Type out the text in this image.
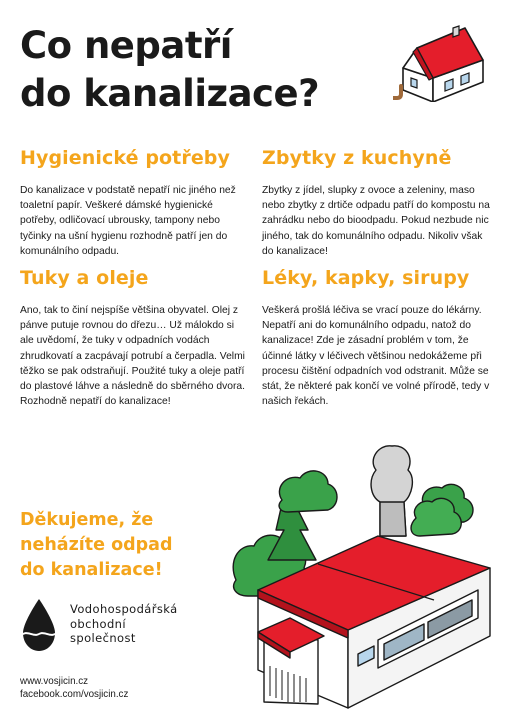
Co nepatří
do kanalizace?
Hygienické potřeby

Do kanalizace v podstatě nepatří nic jiného než toaletní papír. Veškeré dámské hygienické potřeby, odličovací ubrousky, tampony nebo tyčinky na ušní hygienu rozhodně patří jen do komunálního odpadu.

Zbytky z kuchyně

Zbytky z jídel, slupky z ovoce a zeleniny, maso nebo zbytky z drtiče odpadu patří do kompostu na zahrádku nebo do bioodpadu. Pokud nezbude nic jiného, tak do komunálního odpadu. Nikoliv však do kanalizace!

Tuky a oleje

Ano, tak to činí nejspíše většina obyvatel. Olej z pánve putuje rovnou do dřezu… Už málokdo si ale uvědomí, že tuky v odpadních vodách zhrudkovatí a zacpávají potrubí a čerpadla. Velmi těžko se pak odstraňují. Použité tuky a oleje patří do plastové láhve a následně do sběrného dvora. Rozhodně nepatří do kanalizace!

Léky, kapky, sirupy

Veškerá prošlá léčiva se vrací pouze do lékárny. Nepatří ani do komunálního odpadu, natož do kanalizace! Zde je zásadní problém v tom, že účinné látky v léčivech většinou nedokážeme při procesu čištění odpadních vod odstranit. Může se stát, že některé pak končí ve volné přírodě, tedy v našich řekách.

Děkujeme, že
neházíte odpad
do kanalizace!
Vodohospodářská
obchodní
společnost
www.vosjicin.cz
facebook.com/vosjicin.cz
